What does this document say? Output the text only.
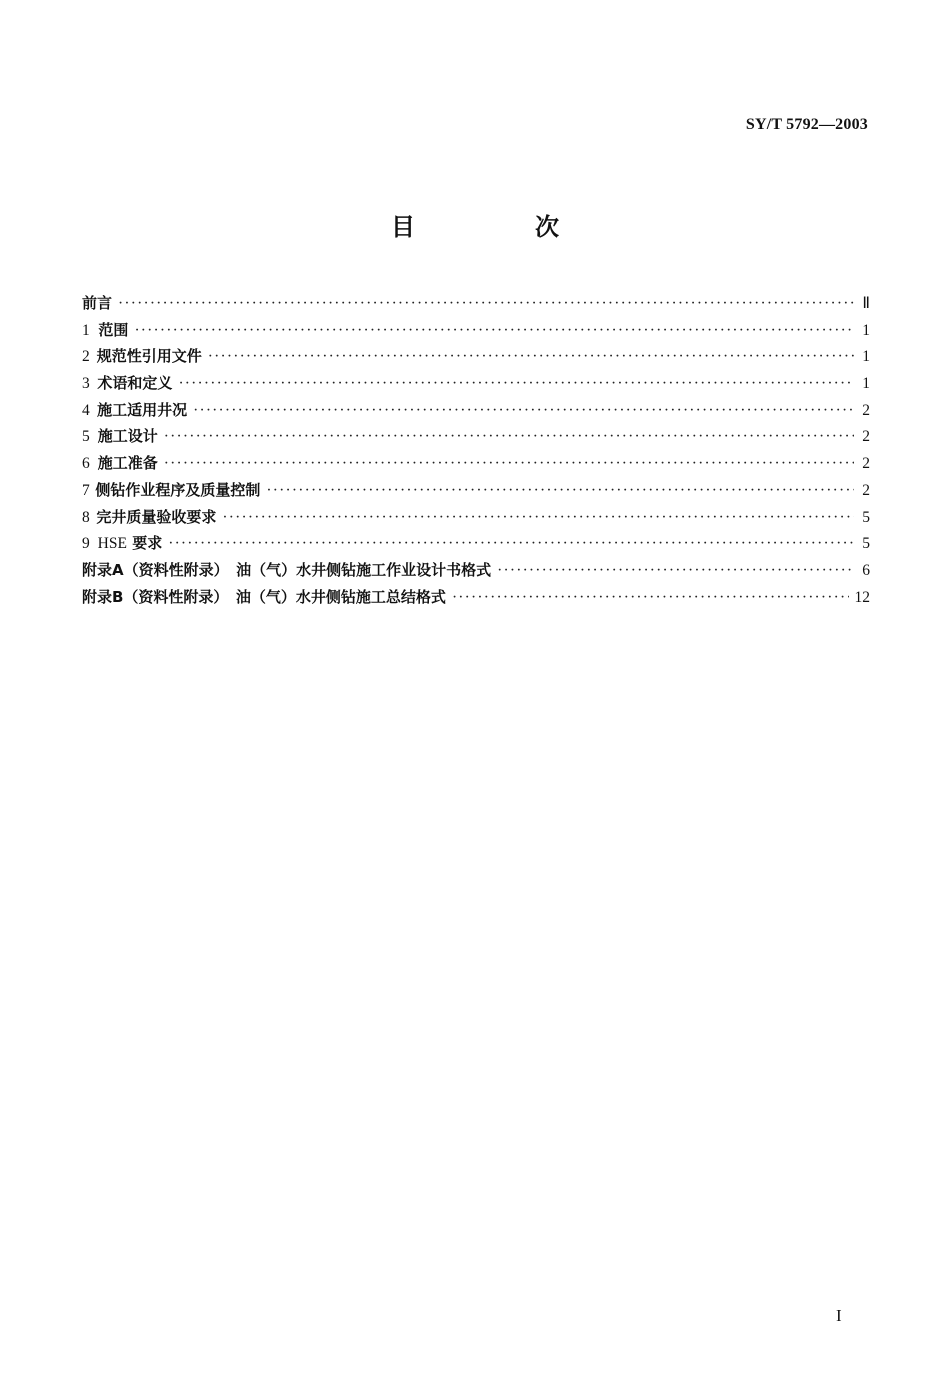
SY/T 5792—2003
目　次
前言 ·····	Ⅱ
1 范围 ·····	1
2 规范性引用文件 ·····	1
3 术语和定义 ·····	1
4 施工适用井况 ·····	2
5 施工设计 ·····	2
6 施工准备 ·····	2
7 侧钻作业程序及质量控制 ·····	2
8 完井质量验收要求 ·····	5
9 HSE 要求 ·····	5
附录A（资料性附录）　油（气）水井侧钻施工作业设计书格式 ·····	6
附录B（资料性附录）　油（气）水井侧钻施工总结格式 ·····	12
I
